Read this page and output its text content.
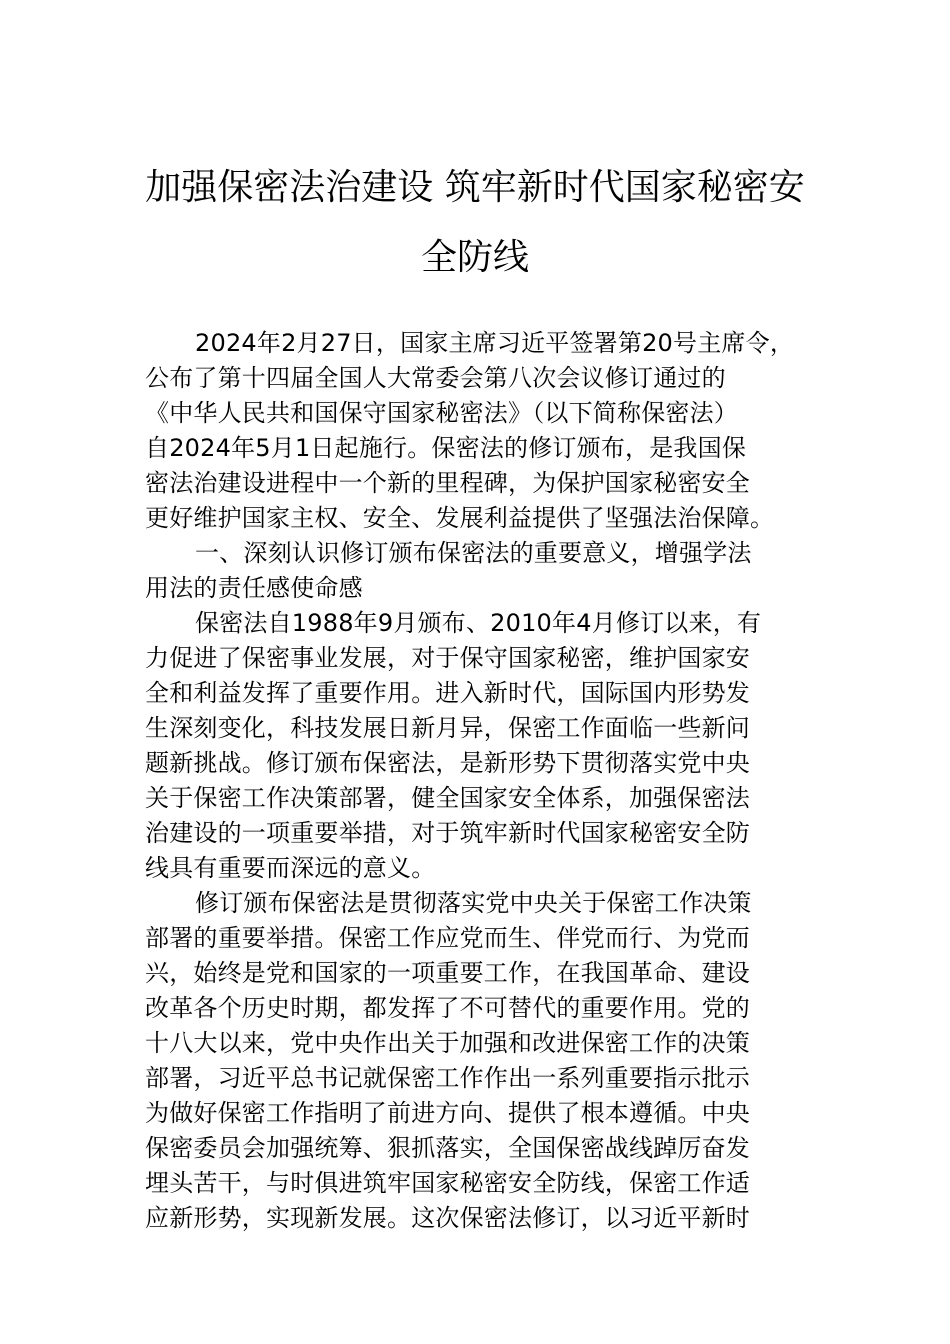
加强保密法治建设 筑牢新时代国家秘密安
全防线
2024年2月27日，国家主席习近平签署第20号主席令，
公布了第十四届全国人大常委会第八次会议修订通过的
《中华人民共和国保守国家秘密法》（以下简称保密法）
自2024年5月1日起施行。保密法的修订颁布，是我国保
密法治建设进程中一个新的里程碑，为保护国家秘密安全
更好维护国家主权、安全、发展利益提供了坚强法治保障。
一、深刻认识修订颁布保密法的重要意义，增强学法
用法的责任感使命感
保密法自1988年9月颁布、2010年4月修订以来，有
力促进了保密事业发展，对于保守国家秘密，维护国家安
全和利益发挥了重要作用。进入新时代，国际国内形势发
生深刻变化，科技发展日新月异，保密工作面临一些新问
题新挑战。修订颁布保密法，是新形势下贯彻落实党中央
关于保密工作决策部署，健全国家安全体系，加强保密法
治建设的一项重要举措，对于筑牢新时代国家秘密安全防
线具有重要而深远的意义。
修订颁布保密法是贯彻落实党中央关于保密工作决策
部署的重要举措。保密工作应党而生、伴党而行、为党而
兴，始终是党和国家的一项重要工作，在我国革命、建设
改革各个历史时期，都发挥了不可替代的重要作用。党的
十八大以来，党中央作出关于加强和改进保密工作的决策
部署，习近平总书记就保密工作作出一系列重要指示批示
为做好保密工作指明了前进方向、提供了根本遵循。中央
保密委员会加强统筹、狠抓落实，全国保密战线踔厉奋发
埋头苦干，与时俱进筑牢国家秘密安全防线，保密工作适
应新形势，实现新发展。这次保密法修订，以习近平新时
